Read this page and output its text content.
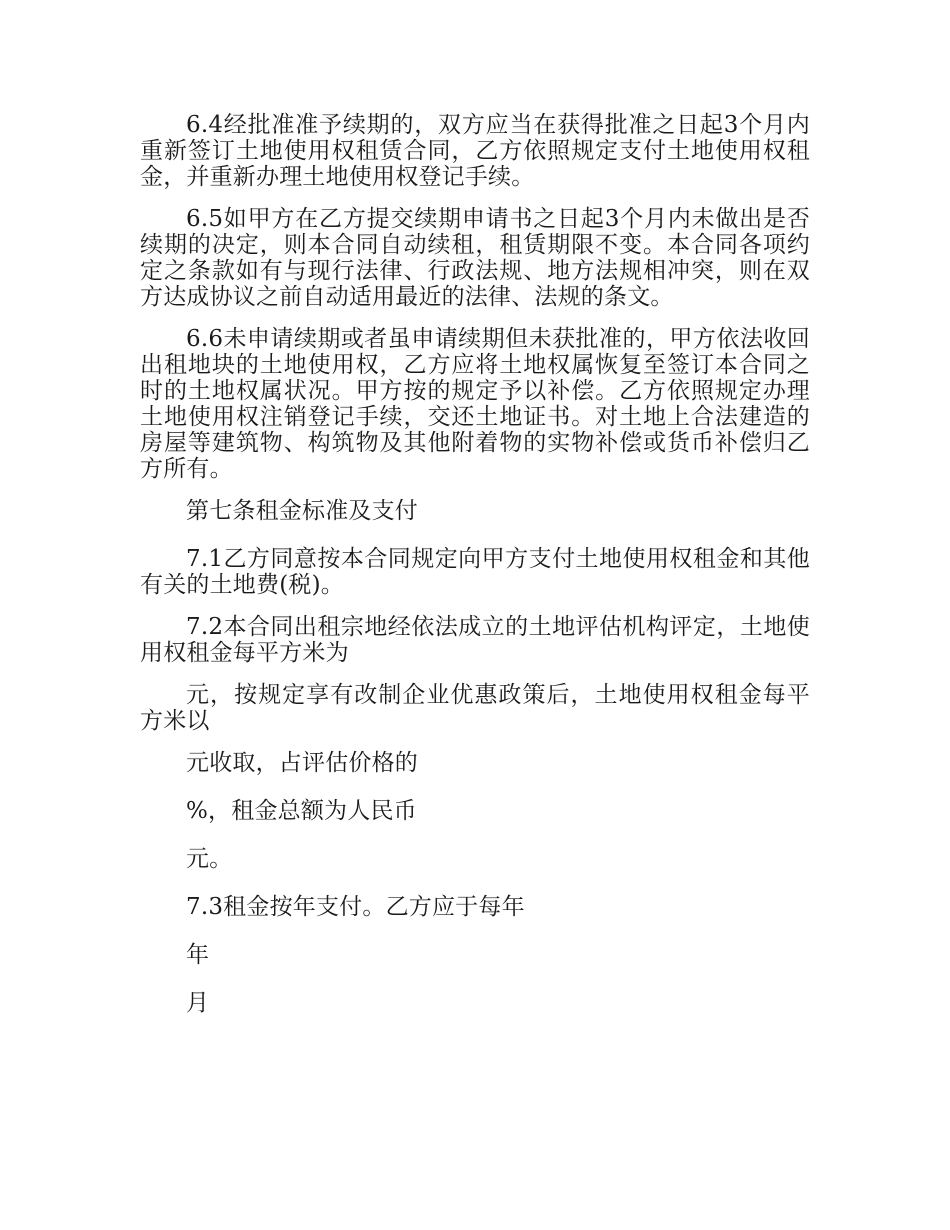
6.4经批准准予续期的，双方应当在获得批准之日起3个月内重新签订土地使用权租赁合同，乙方依照规定支付土地使用权租金，并重新办理土地使用权登记手续。

6.5如甲方在乙方提交续期申请书之日起3个月内未做出是否续期的决定，则本合同自动续租，租赁期限不变。本合同各项约定之条款如有与现行法律、行政法规、地方法规相冲突，则在双方达成协议之前自动适用最近的法律、法规的条文。

6.6未申请续期或者虽申请续期但未获批准的，甲方依法收回出租地块的土地使用权，乙方应将土地权属恢复至签订本合同之时的土地权属状况。甲方按的规定予以补偿。乙方依照规定办理土地使用权注销登记手续，交还土地证书。对土地上合法建造的房屋等建筑物、构筑物及其他附着物的实物补偿或货币补偿归乙方所有。

第七条租金标准及支付

7.1乙方同意按本合同规定向甲方支付土地使用权租金和其他有关的土地费(税)。

7.2本合同出租宗地经依法成立的土地评估机构评定，土地使用权租金每平方米为

元，按规定享有改制企业优惠政策后，土地使用权租金每平方米以

元收取，占评估价格的

%，租金总额为人民币

元。

7.3租金按年支付。乙方应于每年

年

月
